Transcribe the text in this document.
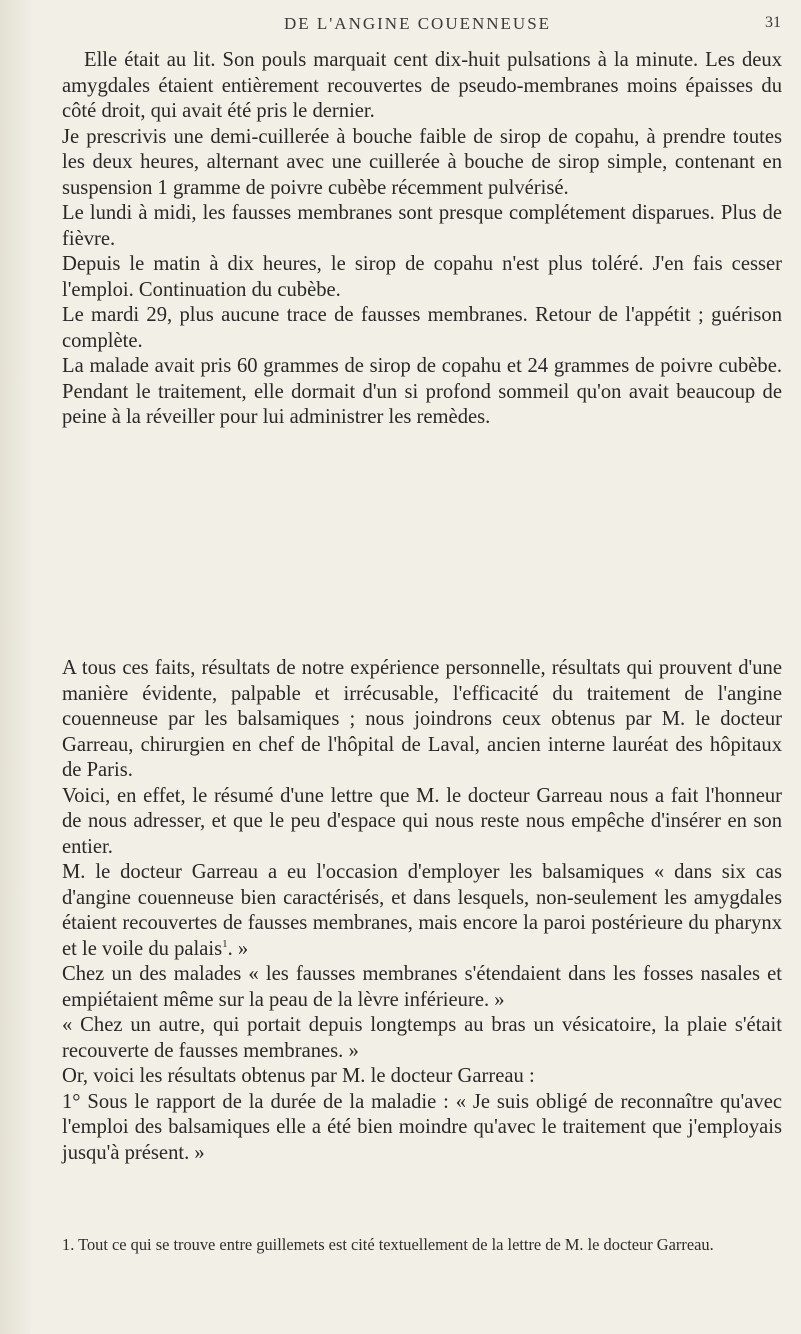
DE L'ANGINE COUENNEUSE	31

Elle était au lit. Son pouls marquait cent dix-huit pulsations à la minute. Les deux amygdales étaient entièrement recouvertes de pseudo-membranes moins épaisses du côté droit, qui avait été pris le dernier.

Je prescrivis une demi-cuillerée à bouche faible de sirop de copahu, à prendre toutes les deux heures, alternant avec une cuillerée à bouche de sirop simple, contenant en suspension 1 gramme de poivre cubèbe récemment pulvérisé.

Le lundi à midi, les fausses membranes sont presque complétement disparues. Plus de fièvre.

Depuis le matin à dix heures, le sirop de copahu n'est plus toléré. J'en fais cesser l'emploi. Continuation du cubèbe.

Le mardi 29, plus aucune trace de fausses membranes. Retour de l'appétit ; guérison complète.

La malade avait pris 60 grammes de sirop de copahu et 24 grammes de poivre cubèbe. Pendant le traitement, elle dormait d'un si profond sommeil qu'on avait beaucoup de peine à la réveiller pour lui administrer les remèdes.

A tous ces faits, résultats de notre expérience personnelle, résultats qui prouvent d'une manière évidente, palpable et irrécusable, l'efficacité du traitement de l'angine couenneuse par les balsamiques ; nous joindrons ceux obtenus par M. le docteur Garreau, chirurgien en chef de l'hôpital de Laval, ancien interne lauréat des hôpitaux de Paris.

Voici, en effet, le résumé d'une lettre que M. le docteur Garreau nous a fait l'honneur de nous adresser, et que le peu d'espace qui nous reste nous empêche d'insérer en son entier.

M. le docteur Garreau a eu l'occasion d'employer les balsamiques « dans six cas d'angine couenneuse bien caractérisés, et dans lesquels, non-seulement les amygdales étaient recouvertes de fausses membranes, mais encore la paroi postérieure du pharynx et le voile du palais$^1$. »

Chez un des malades « les fausses membranes s'étendaient dans les fosses nasales et empiétaient même sur la peau de la lèvre inférieure. »

« Chez un autre, qui portait depuis longtemps au bras un vésicatoire, la plaie s'était recouverte de fausses membranes. »

Or, voici les résultats obtenus par M. le docteur Garreau :

1° Sous le rapport de la durée de la maladie : « Je suis obligé de reconnaître qu'avec l'emploi des balsamiques elle a été bien moindre qu'avec le traitement que j'employais jusqu'à présent. »

1. Tout ce qui se trouve entre guillemets est cité textuellement de la lettre de M. le docteur Garreau.
